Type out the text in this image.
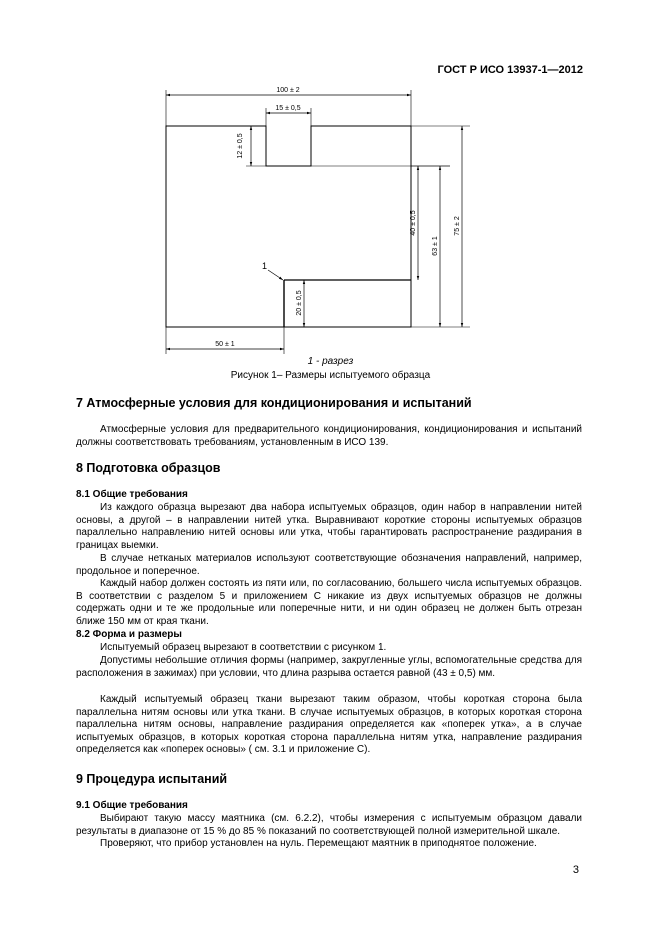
ГОСТ Р ИСО 13937-1—2012
100 ± 2
15 ± 0,5
12 ± 0,5
40 ± 0,5
63 ± 1
75 ± 2
20 ± 0,5
50 ± 1
1
1 - разрез
Рисунок 1– Размеры испытуемого образца
7 Атмосферные условия для кондиционирования и испытаний
Атмосферные условия для предварительного кондиционирования, кондиционирования и испытаний должны соответствовать требованиям, установленным в ИСО 139.
8 Подготовка образцов
8.1 Общие требования
Из каждого образца вырезают два набора испытуемых образцов, один набор в направлении нитей основы, а другой – в направлении нитей утка. Выравнивают короткие стороны испытуемых образцов параллельно направлению нитей основы или утка, чтобы гарантировать распространение раздирания в границах выемки.
В случае нетканых материалов используют соответствующие обозначения направлений, например, продольное и поперечное.
Каждый набор должен состоять из пяти или, по согласованию, большего числа испытуемых образцов. В соответствии с разделом 5 и приложением С никакие из двух испытуемых образцов не должны содержать одни и те же продольные или поперечные нити, и ни один образец не должен быть отрезан ближе 150 мм от края ткани.
8.2 Форма и размеры
Испытуемый образец вырезают в соответствии с рисунком 1.
Допустимы небольшие отличия формы (например, закругленные углы, вспомогательные средства для расположения в зажимах) при условии, что длина разрыва остается равной (43 ± 0,5) мм.
Каждый испытуемый образец ткани вырезают таким образом, чтобы короткая сторона была параллельна нитям основы или утка ткани. В случае испытуемых образцов, в которых короткая сторона параллельна нитям основы, направление раздирания определяется как «поперек утка», а в случае испытуемых образцов, в которых короткая сторона параллельна нитям утка, направление раздирания определяется как «поперек основы» ( см. 3.1 и приложение С).
9 Процедура испытаний
9.1 Общие требования
Выбирают такую массу маятника (см. 6.2.2), чтобы измерения с испытуемым образцом давали результаты в диапазоне от 15 % до 85 % показаний по соответствующей полной измерительной шкале.
Проверяют, что прибор установлен на нуль. Перемещают маятник в приподнятое положение.
3
